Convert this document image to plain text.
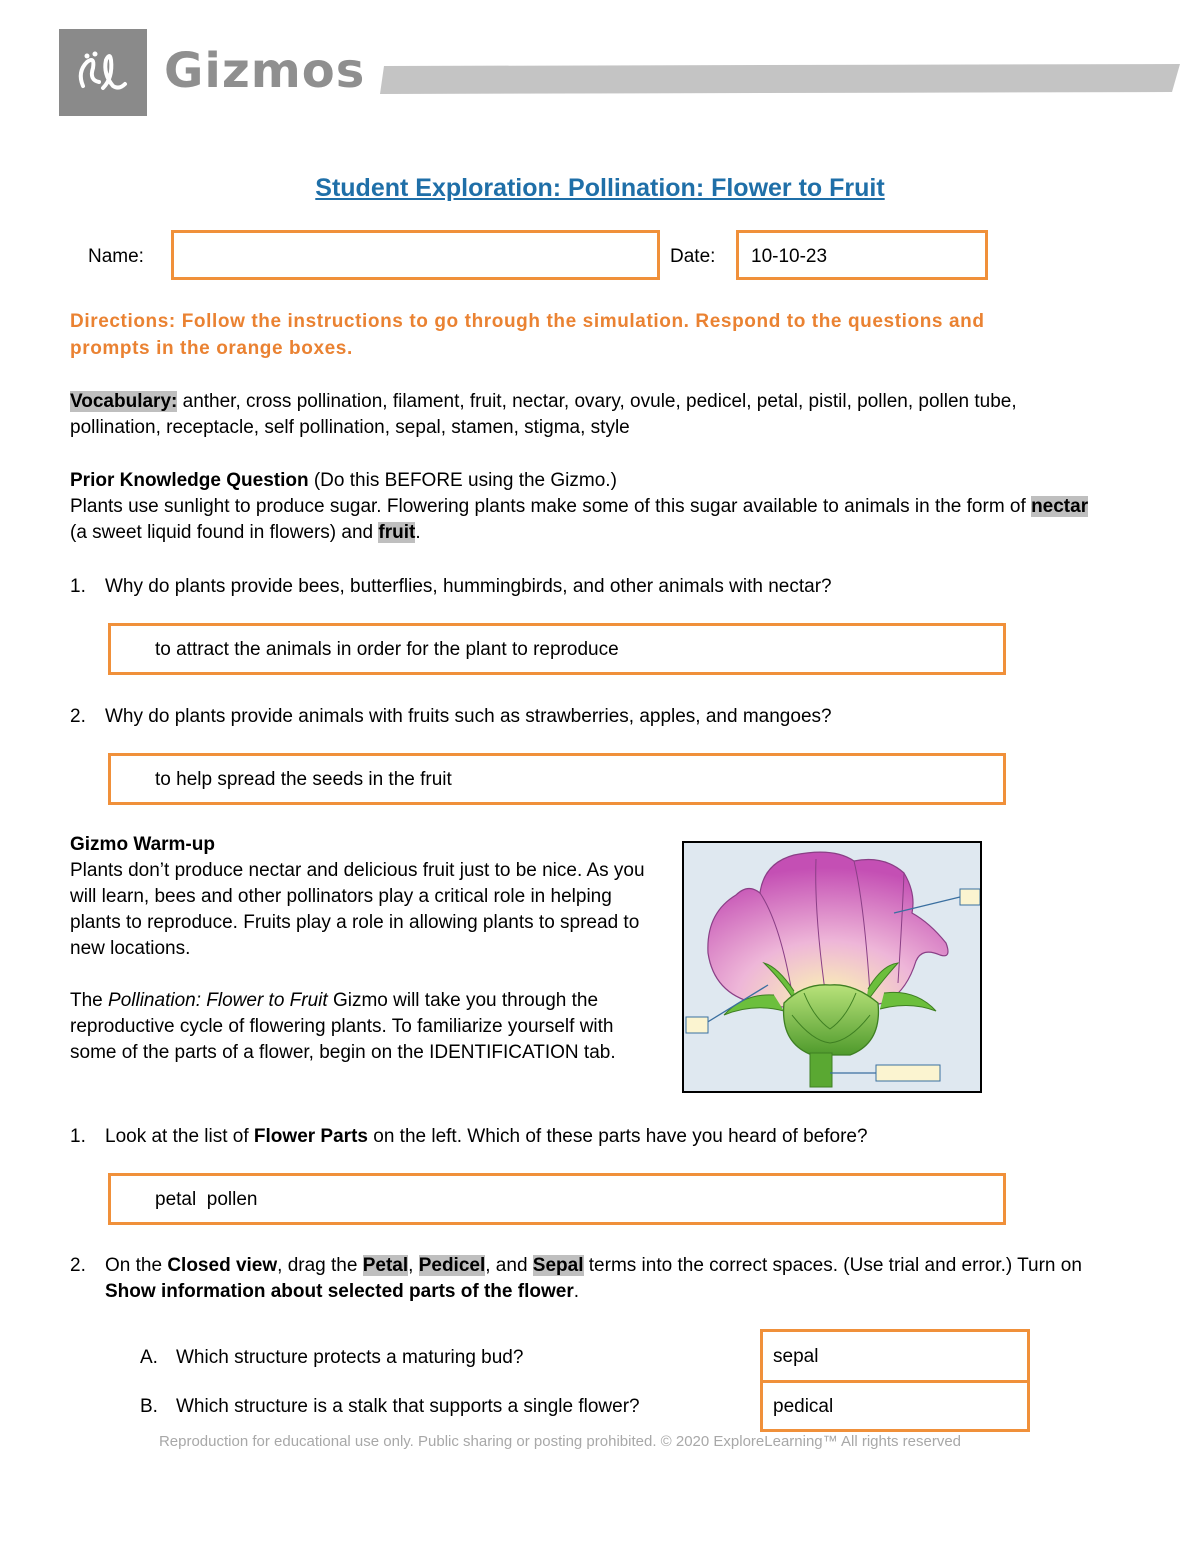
Gizmos
Student Exploration: Pollination: Flower to Fruit
Name:	Date:	10-10-23
Directions: Follow the instructions to go through the simulation. Respond to the questions and prompts in the orange boxes.
Vocabulary: anther, cross pollination, filament, fruit, nectar, ovary, ovule, pedicel, petal, pistil, pollen, pollen tube, pollination, receptacle, self pollination, sepal, stamen, stigma, style
Prior Knowledge Question (Do this BEFORE using the Gizmo.)
Plants use sunlight to produce sugar. Flowering plants make some of this sugar available to animals in the form of nectar (a sweet liquid found in flowers) and fruit.
1. Why do plants provide bees, butterflies, hummingbirds, and other animals with nectar?
to attract the animals in order for the plant to reproduce
2. Why do plants provide animals with fruits such as strawberries, apples, and mangoes?
to help spread the seeds in the fruit
Gizmo Warm-up
Plants don’t produce nectar and delicious fruit just to be nice. As you will learn, bees and other pollinators play a critical role in helping plants to reproduce. Fruits play a role in allowing plants to spread to new locations.
The Pollination: Flower to Fruit Gizmo will take you through the reproductive cycle of flowering plants. To familiarize yourself with some of the parts of a flower, begin on the IDENTIFICATION tab.
1. Look at the list of Flower Parts on the left. Which of these parts have you heard of before?
petal  pollen
2. On the Closed view, drag the Petal, Pedicel, and Sepal terms into the correct spaces. (Use trial and error.) Turn on Show information about selected parts of the flower.
A. Which structure protects a maturing bud?	sepal
B. Which structure is a stalk that supports a single flower?	pedical
Reproduction for educational use only. Public sharing or posting prohibited. © 2020 ExploreLearning™ All rights reserved
